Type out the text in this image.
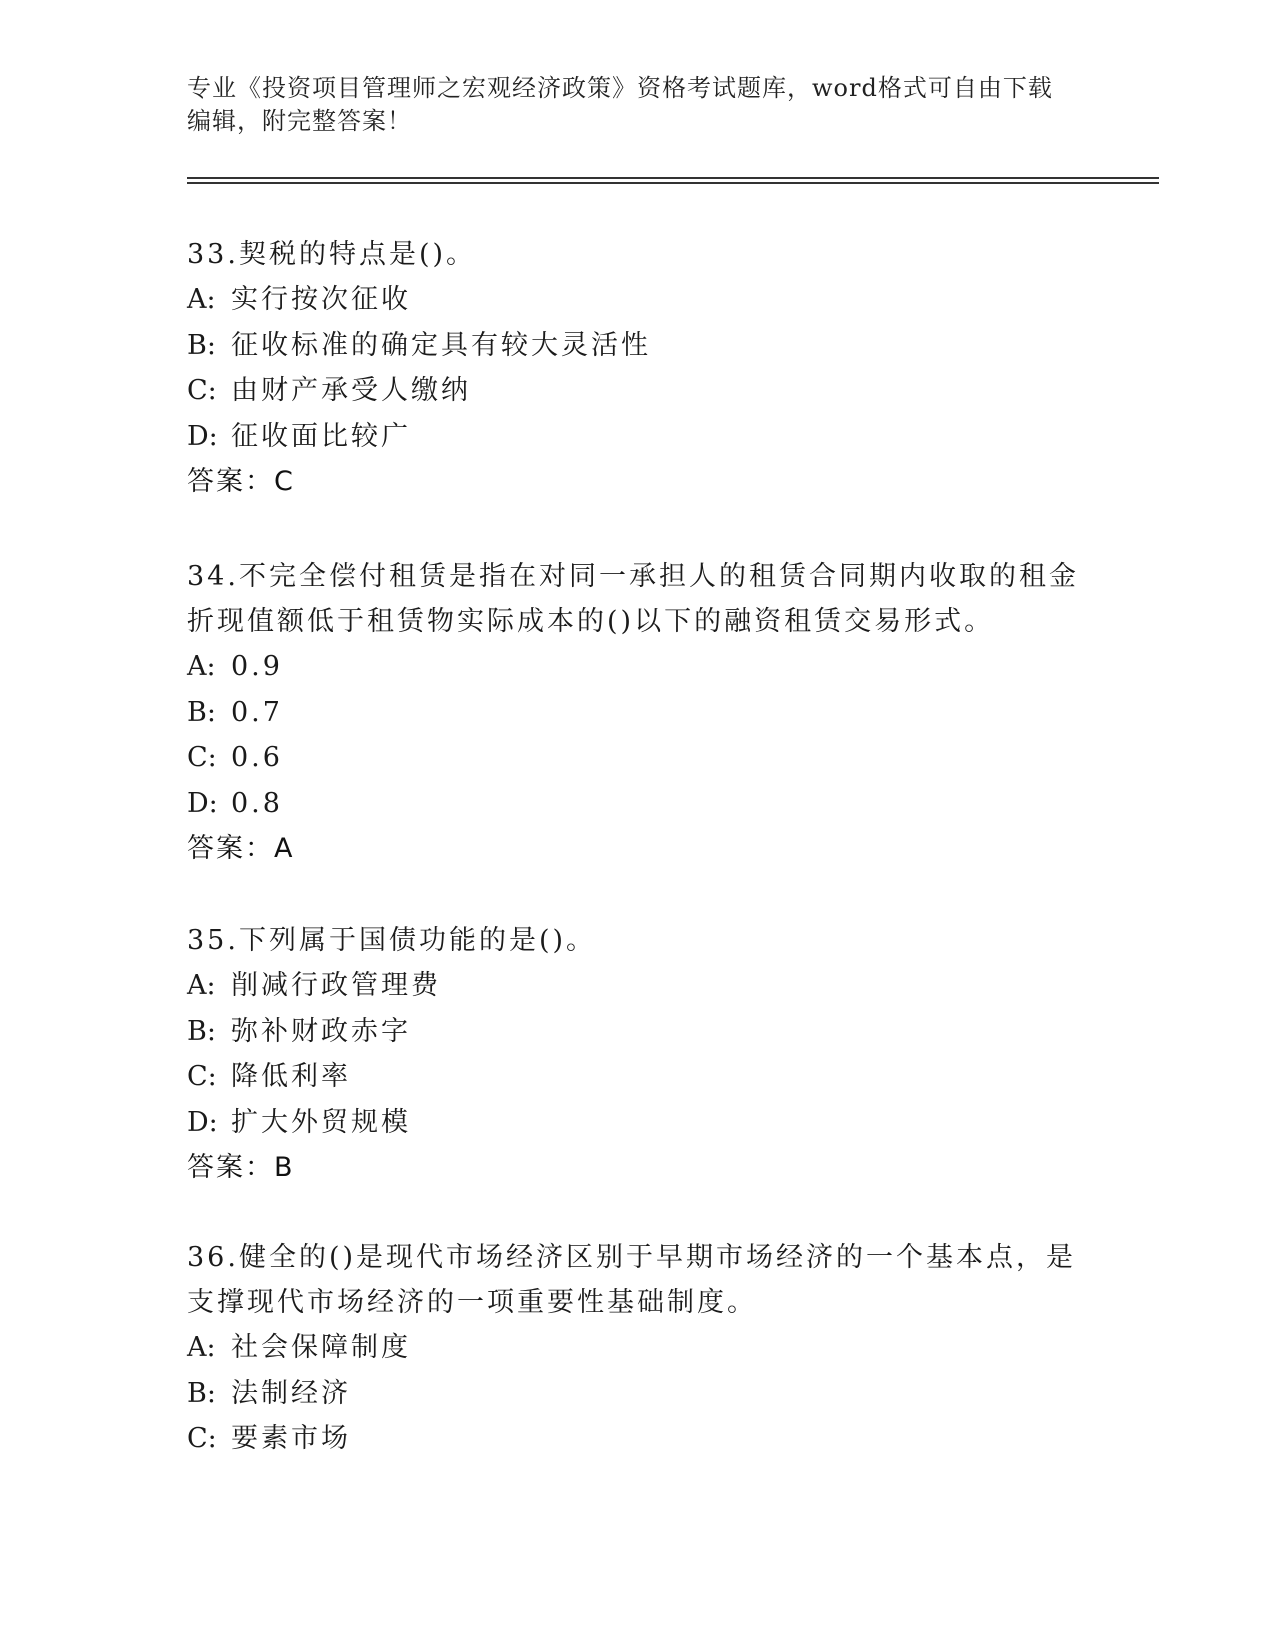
专业《投资项目管理师之宏观经济政策》资格考试题库，word格式可自由下载编辑，附完整答案！

33.契税的特点是()。

A: 实行按次征收

B: 征收标准的确定具有较大灵活性

C: 由财产承受人缴纳

D: 征收面比较广

答案：C

34.不完全偿付租赁是指在对同一承担人的租赁合同期内收取的租金折现值额低于租赁物实际成本的()以下的融资租赁交易形式。

A: 0.9

B: 0.7

C: 0.6

D: 0.8

答案：A

35.下列属于国债功能的是()。

A: 削减行政管理费

B: 弥补财政赤字

C: 降低利率

D: 扩大外贸规模

答案：B

36.健全的()是现代市场经济区别于早期市场经济的一个基本点，是支撑现代市场经济的一项重要性基础制度。

A: 社会保障制度

B: 法制经济

C: 要素市场
